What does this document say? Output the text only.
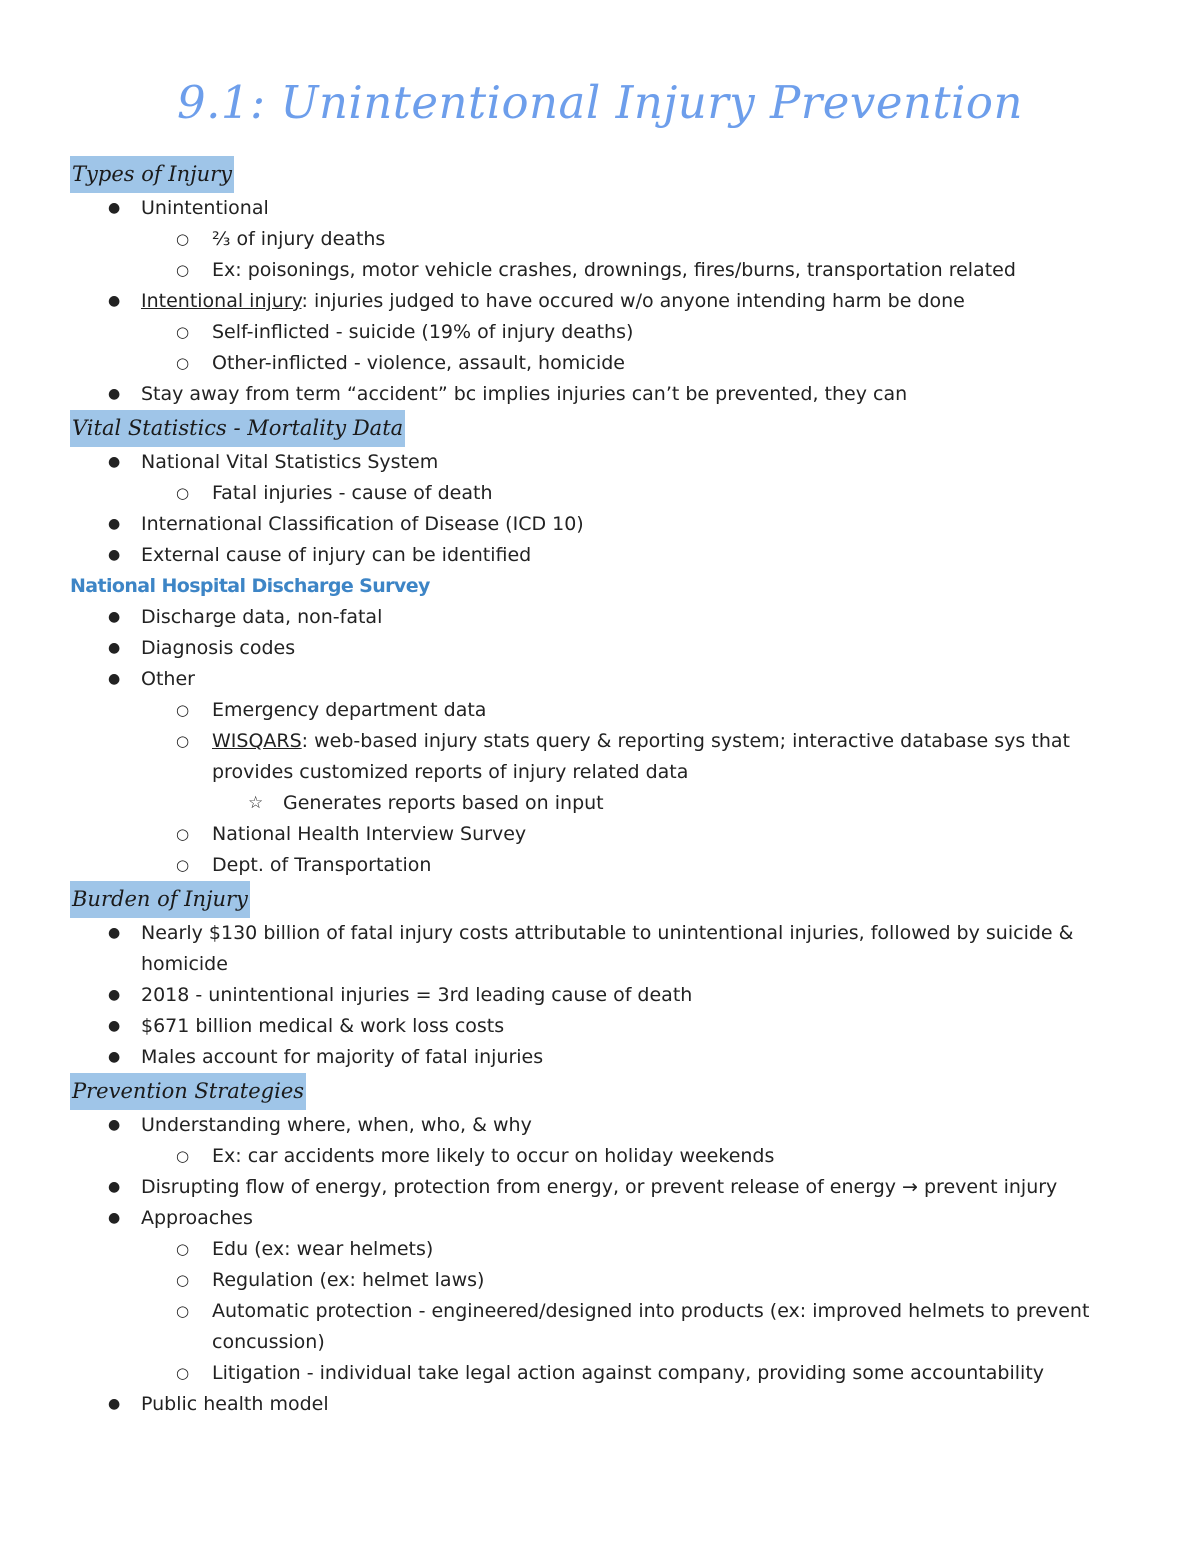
9.1: Unintentional Injury Prevention
Types of Injury
● Unintentional
○ ⅔ of injury deaths
○ Ex: poisonings, motor vehicle crashes, drownings, fires/burns, transportation related
● Intentional injury: injuries judged to have occured w/o anyone intending harm be done
○ Self-inflicted - suicide (19% of injury deaths)
○ Other-inflicted - violence, assault, homicide
● Stay away from term “accident” bc implies injuries can’t be prevented, they can
Vital Statistics - Mortality Data
● National Vital Statistics System
○ Fatal injuries - cause of death
● International Classification of Disease (ICD 10)
● External cause of injury can be identified
National Hospital Discharge Survey
● Discharge data, non-fatal
● Diagnosis codes
● Other
○ Emergency department data
○ WISQARS: web-based injury stats query & reporting system; interactive database sys that provides customized reports of injury related data
☆ Generates reports based on input
○ National Health Interview Survey
○ Dept. of Transportation
Burden of Injury
● Nearly $130 billion of fatal injury costs attributable to unintentional injuries, followed by suicide & homicide
● 2018 - unintentional injuries = 3rd leading cause of death
● $671 billion medical & work loss costs
● Males account for majority of fatal injuries
Prevention Strategies
● Understanding where, when, who, & why
○ Ex: car accidents more likely to occur on holiday weekends
● Disrupting flow of energy, protection from energy, or prevent release of energy → prevent injury
● Approaches
○ Edu (ex: wear helmets)
○ Regulation (ex: helmet laws)
○ Automatic protection - engineered/designed into products (ex: improved helmets to prevent concussion)
○ Litigation - individual take legal action against company, providing some accountability
● Public health model
